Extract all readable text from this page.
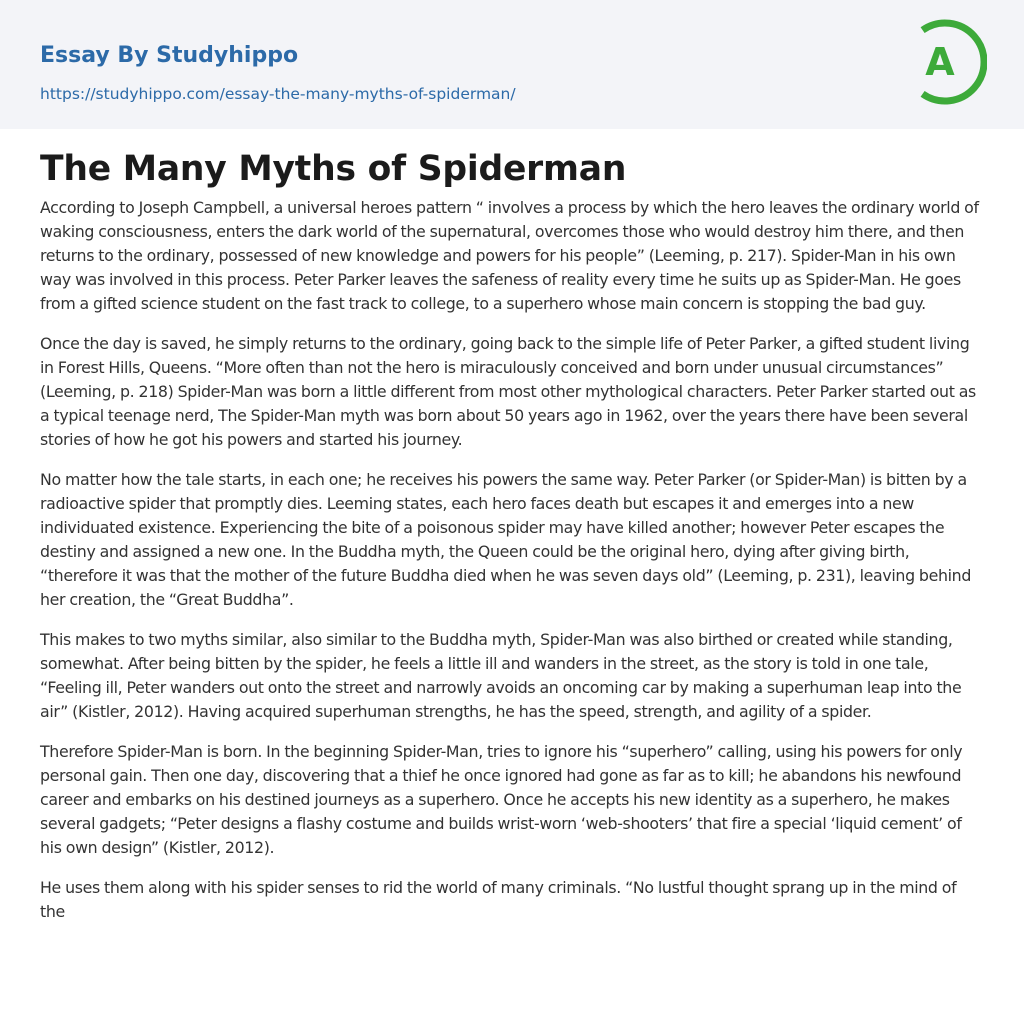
Essay By Studyhippo
https://studyhippo.com/essay-the-many-myths-of-spiderman/
A
The Many Myths of Spiderman

According to Joseph Campbell, a universal heroes pattern “ involves a process by which the hero leaves the ordinary world of waking consciousness, enters the dark world of the supernatural, overcomes those who would destroy him there, and then returns to the ordinary, possessed of new knowledge and powers for his people” (Leeming, p. 217). Spider-Man in his own way was involved in this process. Peter Parker leaves the safeness of reality every time he suits up as Spider-Man. He goes from a gifted science student on the fast track to college, to a superhero whose main concern is stopping the bad guy.

Once the day is saved, he simply returns to the ordinary, going back to the simple life of Peter Parker, a gifted student living in Forest Hills, Queens. “More often than not the hero is miraculously conceived and born under unusual circumstances” (Leeming, p. 218) Spider-Man was born a little different from most other mythological characters. Peter Parker started out as a typical teenage nerd, The Spider-Man myth was born about 50 years ago in 1962, over the years there have been several stories of how he got his powers and started his journey.

No matter how the tale starts, in each one; he receives his powers the same way. Peter Parker (or Spider-Man) is bitten by a radioactive spider that promptly dies. Leeming states, each hero faces death but escapes it and emerges into a new individuated existence. Experiencing the bite of a poisonous spider may have killed another; however Peter escapes the destiny and assigned a new one. In the Buddha myth, the Queen could be the original hero, dying after giving birth, “therefore it was that the mother of the future Buddha died when he was seven days old” (Leeming, p. 231), leaving behind her creation, the “Great Buddha”.

This makes to two myths similar, also similar to the Buddha myth, Spider-Man was also birthed or created while standing, somewhat. After being bitten by the spider, he feels a little ill and wanders in the street, as the story is told in one tale, “Feeling ill, Peter wanders out onto the street and narrowly avoids an oncoming car by making a superhuman leap into the air” (Kistler, 2012). Having acquired superhuman strengths, he has the speed, strength, and agility of a spider.

Therefore Spider-Man is born. In the beginning Spider-Man, tries to ignore his “superhero” calling, using his powers for only personal gain. Then one day, discovering that a thief he once ignored had gone as far as to kill; he abandons his newfound career and embarks on his destined journeys as a superhero. Once he accepts his new identity as a superhero, he makes several gadgets; “Peter designs a flashy costume and builds wrist-worn ‘web-shooters’ that fire a special ‘liquid cement’ of his own design” (Kistler, 2012).

He uses them along with his spider senses to rid the world of many criminals. “No lustful thought sprang up in the mind of the
